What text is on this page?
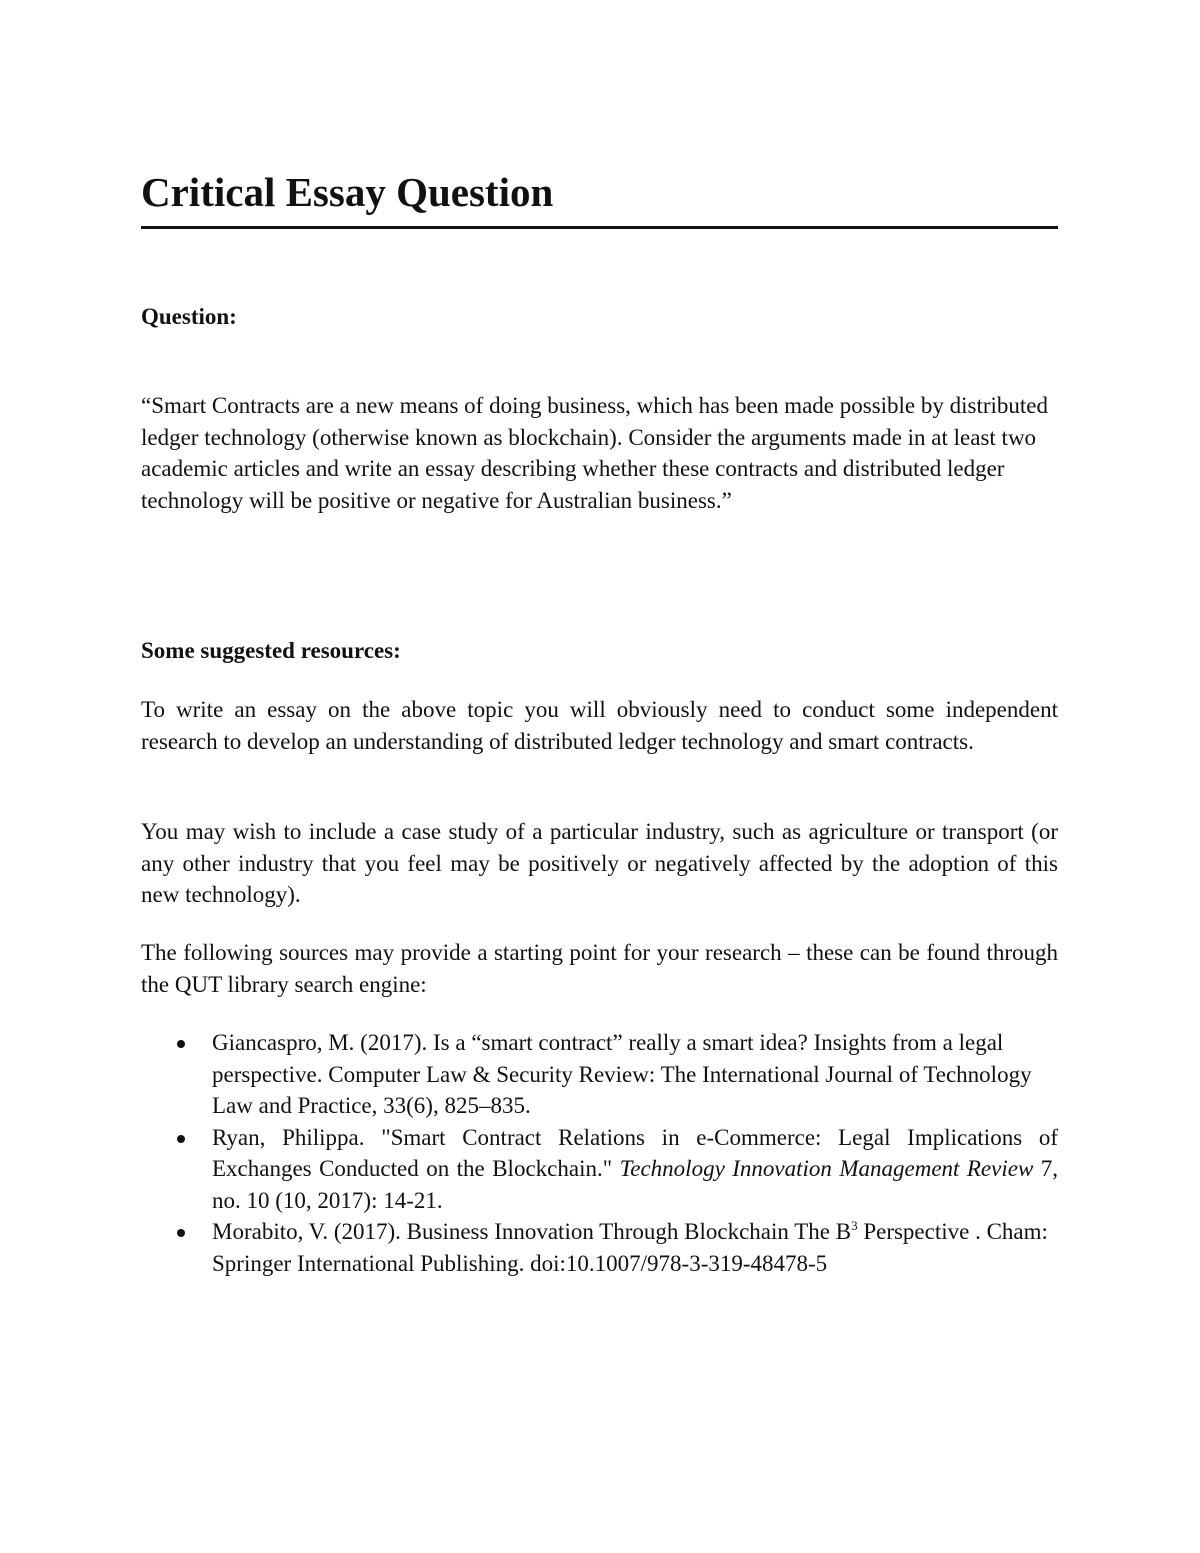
Critical Essay Question
Question:

“Smart Contracts are a new means of doing business, which has been made possible by distributed ledger technology (otherwise known as blockchain). Consider the arguments made in at least two academic articles and write an essay describing whether these contracts and distributed ledger technology will be positive or negative for Australian business.”

Some suggested resources:

To write an essay on the above topic you will obviously need to conduct some independent research to develop an understanding of distributed ledger technology and smart contracts.

You may wish to include a case study of a particular industry, such as agriculture or transport (or any other industry that you feel may be positively or negatively affected by the adoption of this new technology).

The following sources may provide a starting point for your research – these can be found through the QUT library search engine:

Giancaspro, M. (2017). Is a “smart contract” really a smart idea? Insights from a legal perspective. Computer Law & Security Review: The International Journal of Technology Law and Practice, 33(6), 825–835.
Ryan, Philippa. "Smart Contract Relations in e-Commerce: Legal Implications of Exchanges Conducted on the Blockchain." Technology Innovation Management Review 7, no. 10 (10, 2017): 14-21.
Morabito, V. (2017). Business Innovation Through Blockchain The $B^3$ Perspective . Cham: Springer International Publishing. doi:10.1007/978-3-319-48478-5
